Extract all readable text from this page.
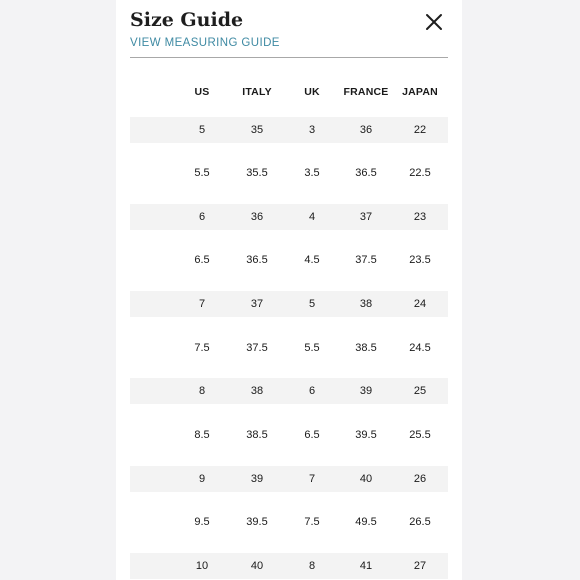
Size Guide
VIEW MEASURING GUIDE
US	ITALY	UK	FRANCE	JAPAN
5	35	3	36	22
5.5	35.5	3.5	36.5	22.5
6	36	4	37	23
6.5	36.5	4.5	37.5	23.5
7	37	5	38	24
7.5	37.5	5.5	38.5	24.5
8	38	6	39	25
8.5	38.5	6.5	39.5	25.5
9	39	7	40	26
9.5	39.5	7.5	49.5	26.5
10	40	8	41	27
